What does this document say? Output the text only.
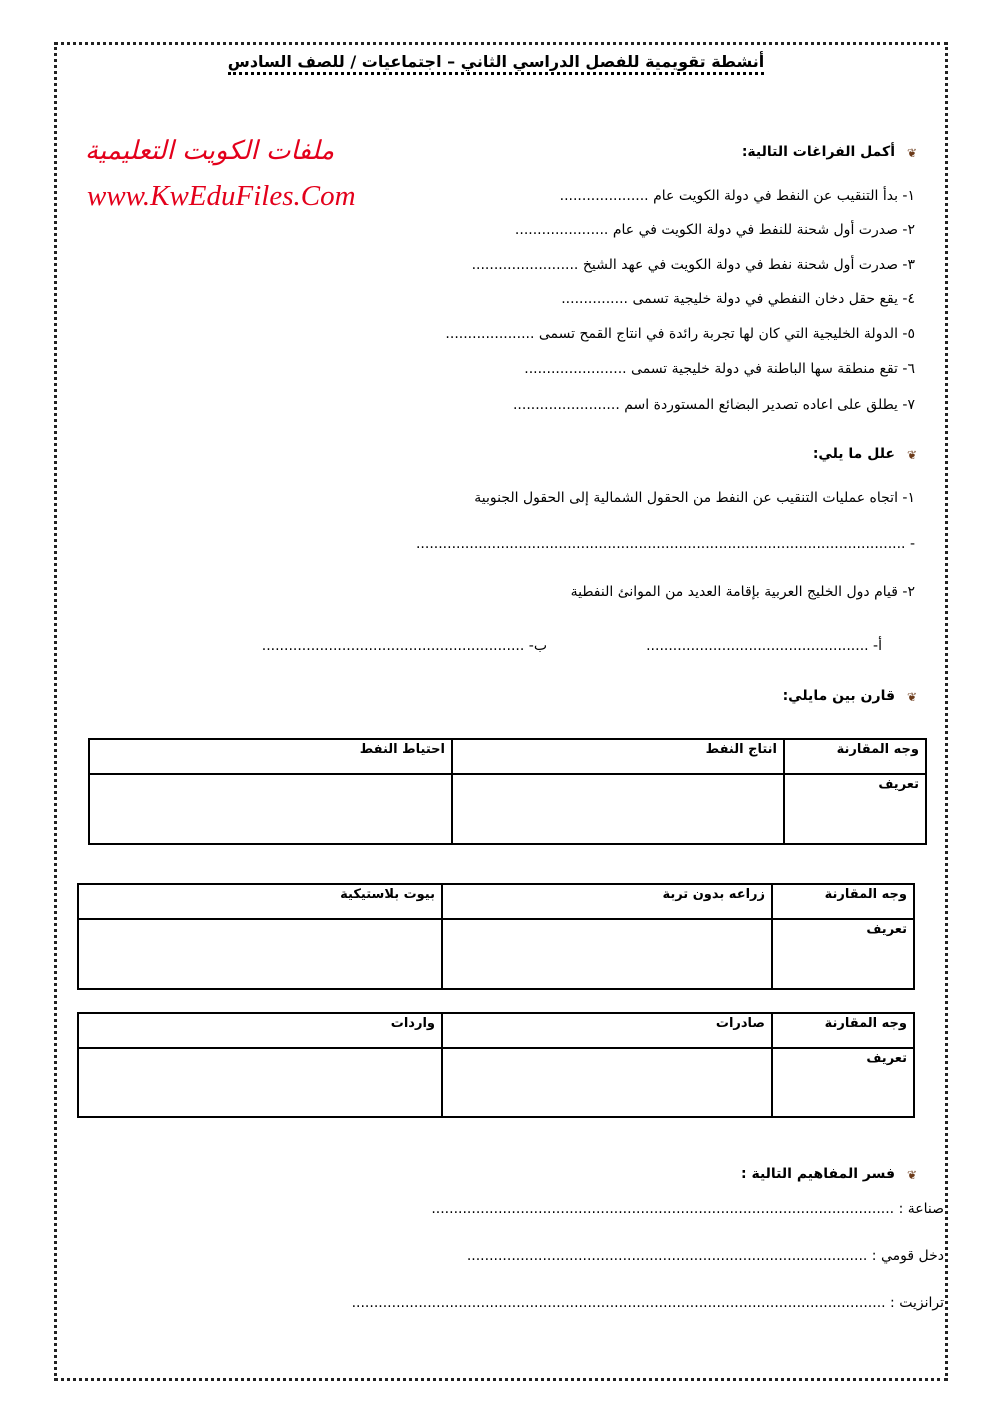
أنشطة تقويمية للفصل الدراسي الثاني – اجتماعيات / للصف السادس
ملفات الكويت التعليمية
www.KwEduFiles.Com
❦أكمل الفراغات التالية:
١- بدأ التنقيب عن النفط في دولة الكويت عام ....................
٢- صدرت أول شحنة للنفط في دولة الكويت في عام .....................
٣- صدرت أول شحنة نفط في دولة الكويت في عهد الشيخ ........................
٤- يقع حقل دخان النفطي في دولة خليجية تسمى ...............
٥- الدولة الخليجية التي كان لها تجربة رائدة في انتاج القمح تسمى ....................
٦- تقع منطقة سها الباطنة في دولة خليجية تسمى .......................
٧- يطلق على اعاده تصدير البضائع المستوردة اسم ........................
❦علل ما يلي:
١- اتجاه عمليات التنقيب عن النفط من الحقول الشمالية إلى الحقول الجنوبية
- ..............................................................................................................
٢- قيام دول الخليج العربية بإقامة العديد من الموانئ النفطية
أ- ..................................................
ب- ...........................................................
❦قارن بين مايلي:
وجه المقارنة	انتاج النفط	احتياط النفط
تعريف		
وجه المقارنة	زراعه بدون تربة	بيوت بلاستيكية
تعريف		
وجه المقارنة	صادرات	واردات
تعريف		
❦فسر المفاهيم التالية :
صناعة : ........................................................................................................
دخل قومي : ..........................................................................................
ترانزيت : ........................................................................................................................
